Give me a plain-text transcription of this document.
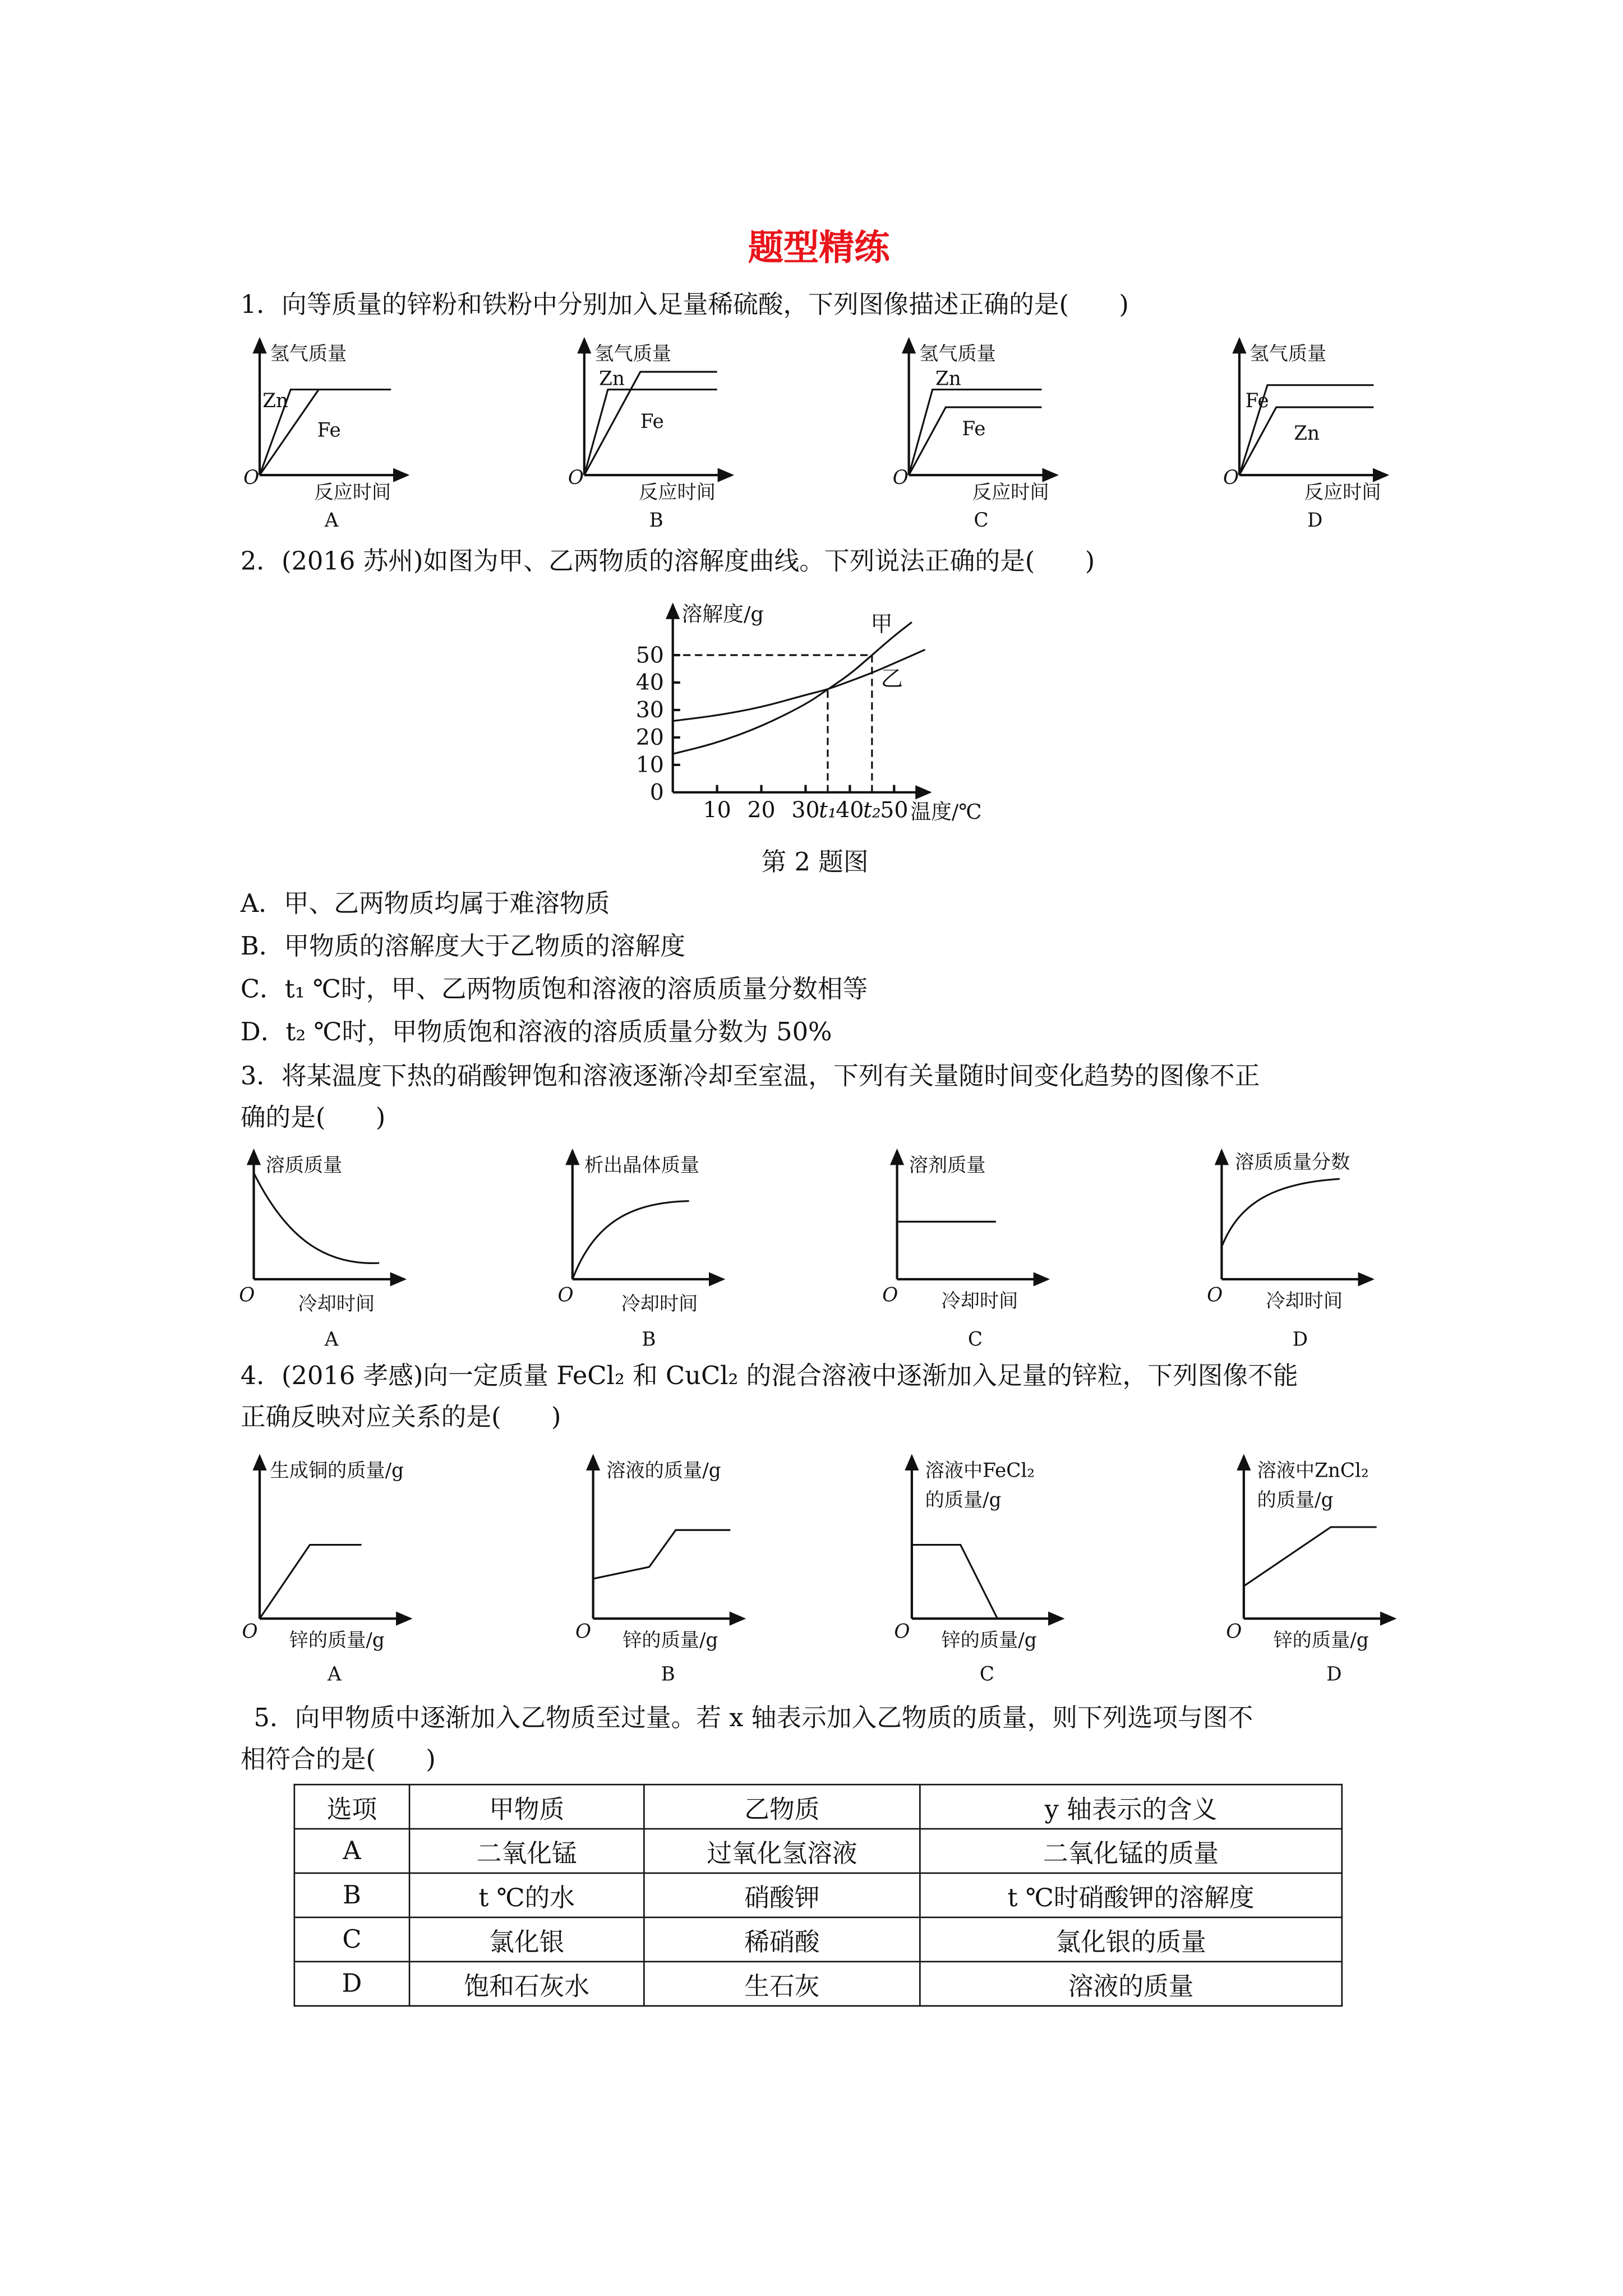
题型精练
1．向等质量的锌粉和铁粉中分别加入足量稀硫酸，下列图像描述正确的是(　　)
2．(2016 苏州)如图为甲、乙两物质的溶解度曲线。下列说法正确的是(　　)
第 2 题图
A．甲、乙两物质均属于难溶物质
B．甲物质的溶解度大于乙物质的溶解度
C．t₁ ℃时，甲、乙两物质饱和溶液的溶质质量分数相等
D．t₂ ℃时，甲物质饱和溶液的溶质质量分数为 50%
3．将某温度下热的硝酸钾饱和溶液逐渐冷却至室温，下列有关量随时间变化趋势的图像不正
确的是(　　)
4．(2016 孝感)向一定质量 FeCl₂ 和 CuCl₂ 的混合溶液中逐渐加入足量的锌粒，下列图像不能
正确反映对应关系的是(　　)
5．向甲物质中逐渐加入乙物质至过量。若 x 轴表示加入乙物质的质量，则下列选项与图不
相符合的是(　　)
氢气质量
Zn
Fe
O
反应时间
A
氢气质量
Zn
Fe
O
反应时间
B
氢气质量
Zn
Fe
O
反应时间
C
氢气质量
Fe
Zn
O
反应时间
D
溶解度/g
温度/℃
0
10
20
30
40
50
10 20 30 40 50
t₁	t₂
甲
乙
溶质质量
O	冷却时间
A
析出晶体质量
O	冷却时间
B
溶剂质量
O	冷却时间
C
溶质质量分数
O	冷却时间
D
生成铜的质量/g
O	锌的质量/g
A
溶液的质量/g
O	锌的质量/g
B
溶液中FeCl₂
的质量/g
O	锌的质量/g
C
溶液中ZnCl₂
的质量/g
O	锌的质量/g
D
选项	甲物质	乙物质	y 轴表示的含义
A	二氧化锰	过氧化氢溶液	二氧化锰的质量
B	t ℃的水	硝酸钾	t ℃时硝酸钾的溶解度
C	氯化银	稀硝酸	氯化银的质量
D	饱和石灰水	生石灰	溶液的质量
